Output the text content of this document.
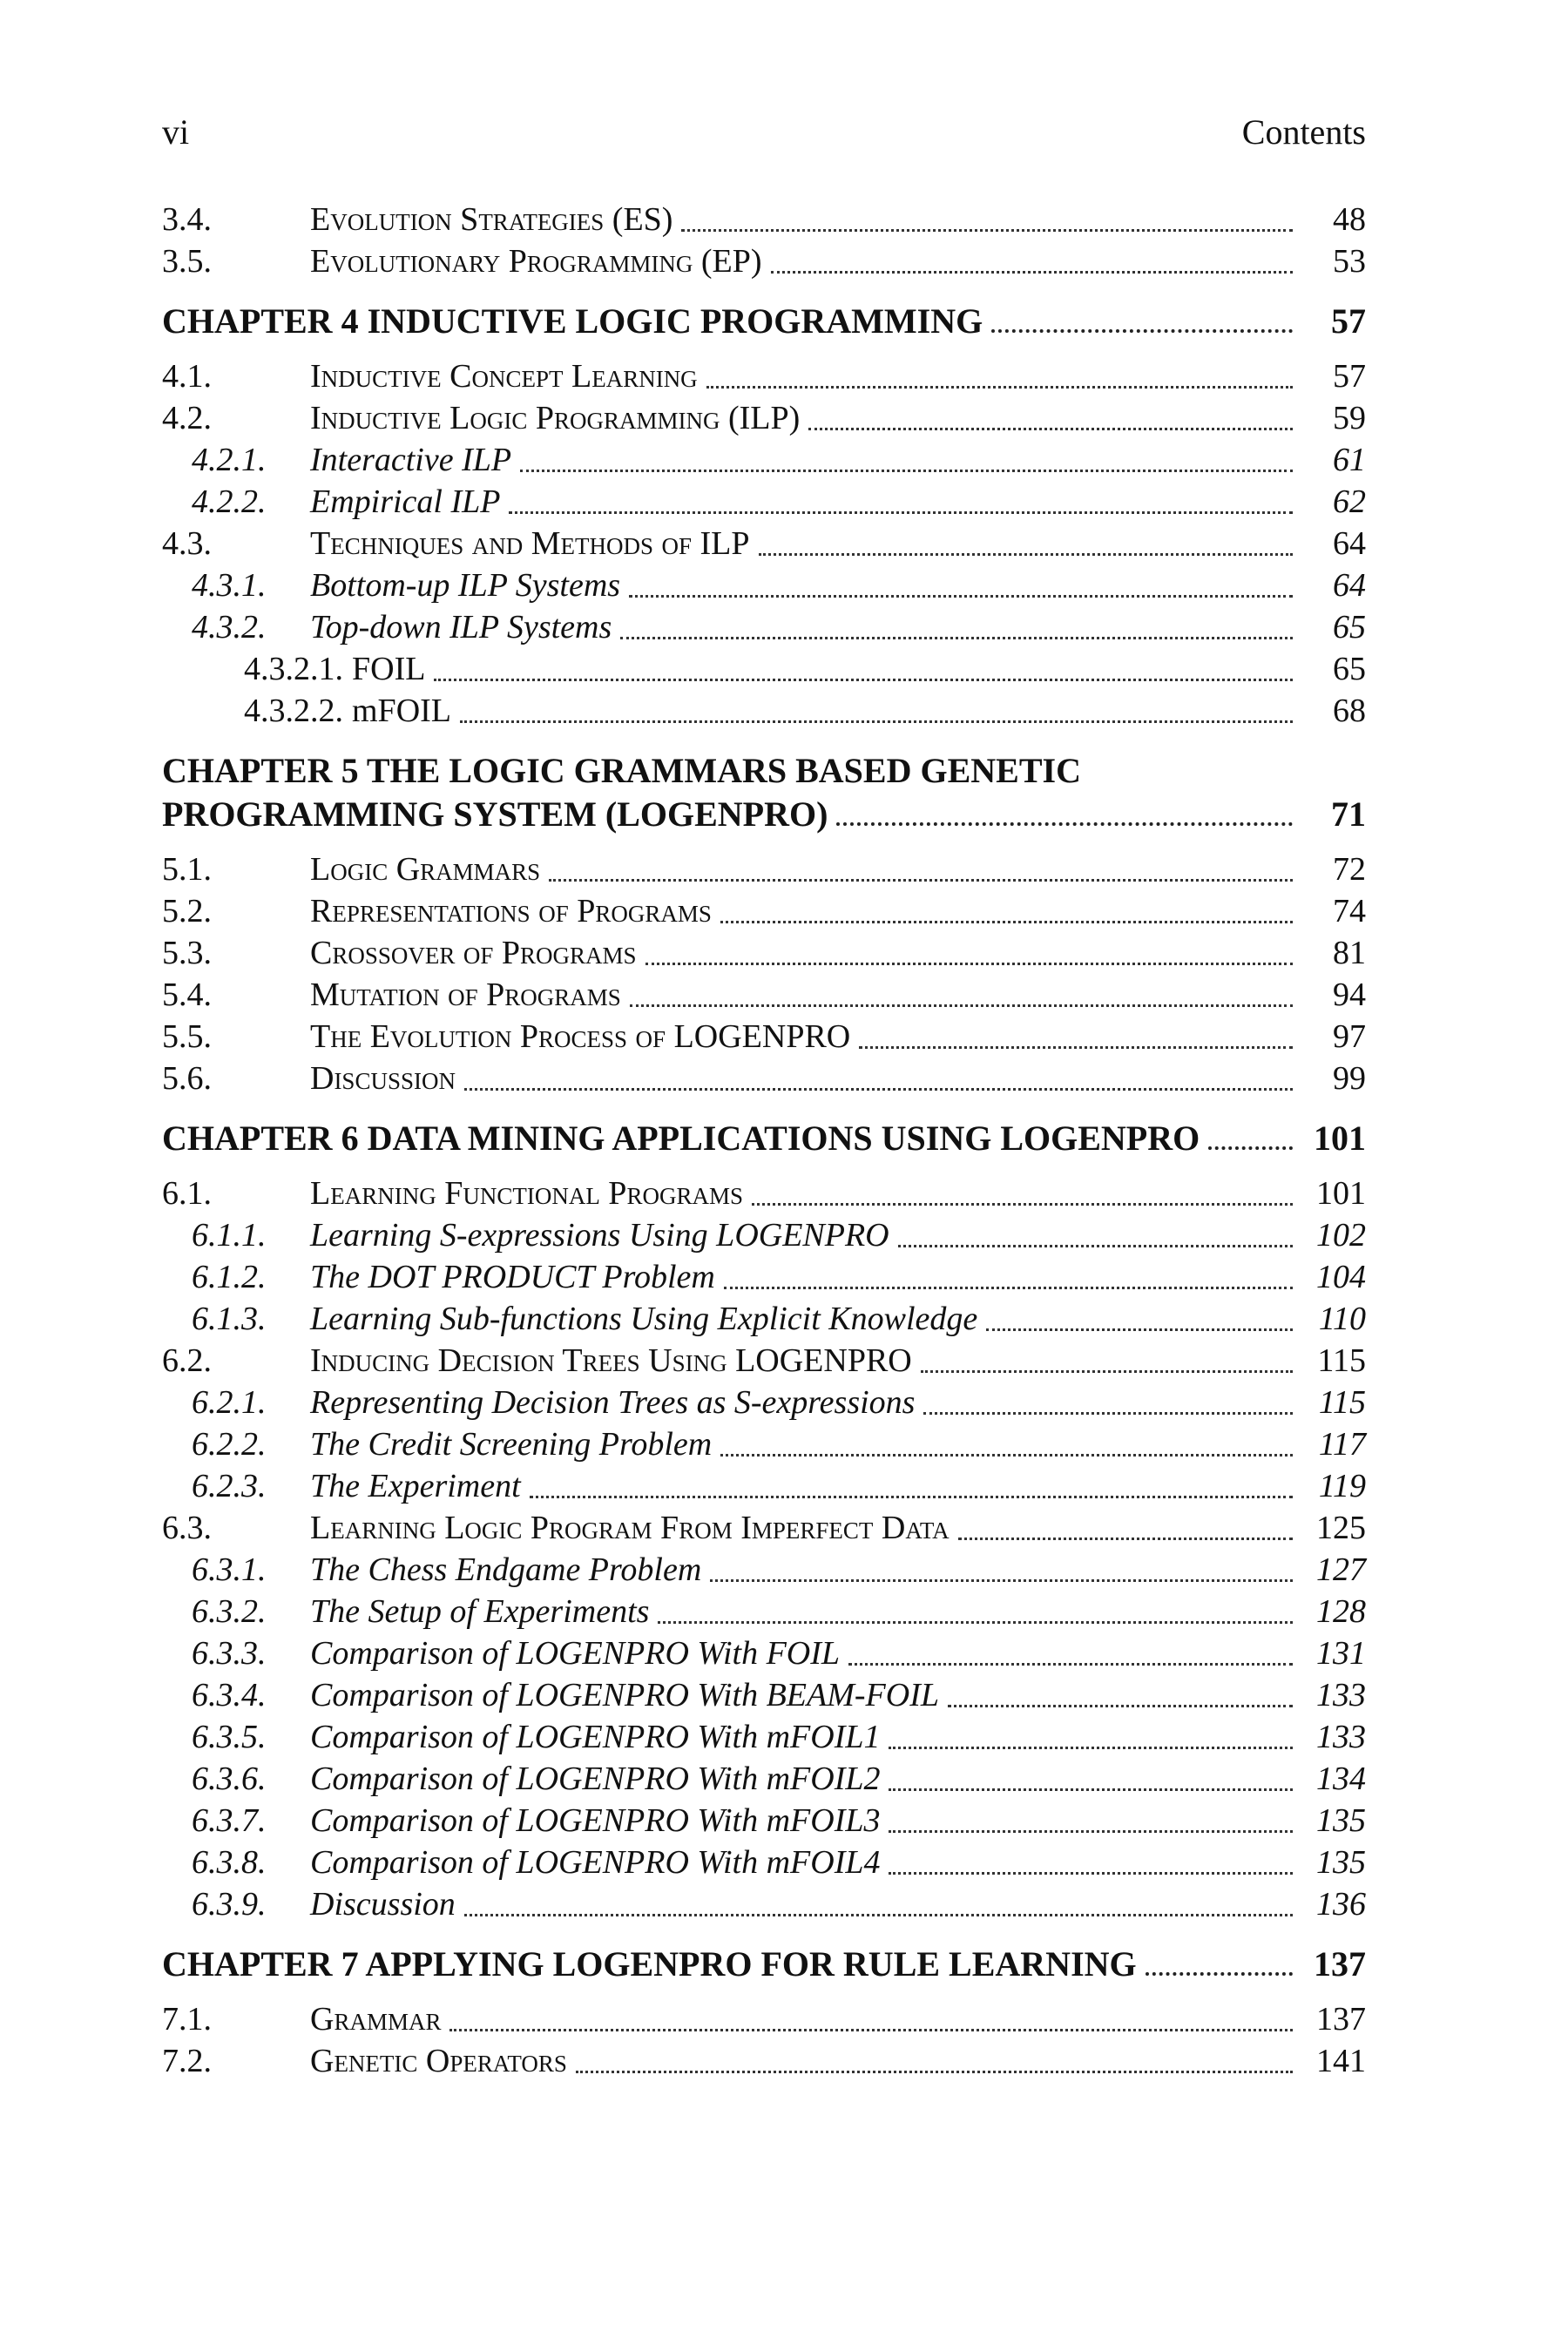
vi	Contents
3.4.	Evolution Strategies (ES)	48
3.5.	Evolutionary Programming (EP)	53
CHAPTER 4 INDUCTIVE LOGIC PROGRAMMING	57
4.1.	Inductive Concept Learning	57
4.2.	Inductive Logic Programming (ILP)	59
4.2.1.	Interactive ILP	61
4.2.2.	Empirical ILP	62
4.3.	Techniques and Methods of ILP	64
4.3.1.	Bottom-up ILP Systems	64
4.3.2.	Top-down ILP Systems	65
4.3.2.1. FOIL	65
4.3.2.2. mFOIL	68
CHAPTER 5 THE LOGIC GRAMMARS BASED GENETIC
PROGRAMMING SYSTEM (LOGENPRO)	71
5.1.	Logic Grammars	72
5.2.	Representations of Programs	74
5.3.	Crossover of Programs	81
5.4.	Mutation of Programs	94
5.5.	The Evolution Process of LOGENPRO	97
5.6.	Discussion	99
CHAPTER 6 DATA MINING APPLICATIONS USING LOGENPRO	101
6.1.	Learning Functional Programs	101
6.1.1.	Learning S-expressions Using LOGENPRO	102
6.1.2.	The DOT PRODUCT Problem	104
6.1.3.	Learning Sub-functions Using Explicit Knowledge	110
6.2.	Inducing Decision Trees Using LOGENPRO	115
6.2.1.	Representing Decision Trees as S-expressions	115
6.2.2.	The Credit Screening Problem	117
6.2.3.	The Experiment	119
6.3.	Learning Logic Program From Imperfect Data	125
6.3.1.	The Chess Endgame Problem	127
6.3.2.	The Setup of Experiments	128
6.3.3.	Comparison of LOGENPRO With FOIL	131
6.3.4.	Comparison of LOGENPRO With BEAM-FOIL	133
6.3.5.	Comparison of LOGENPRO With mFOIL1	133
6.3.6.	Comparison of LOGENPRO With mFOIL2	134
6.3.7.	Comparison of LOGENPRO With mFOIL3	135
6.3.8.	Comparison of LOGENPRO With mFOIL4	135
6.3.9.	Discussion	136
CHAPTER 7 APPLYING LOGENPRO FOR RULE LEARNING	137
7.1.	Grammar	137
7.2.	Genetic Operators	141
